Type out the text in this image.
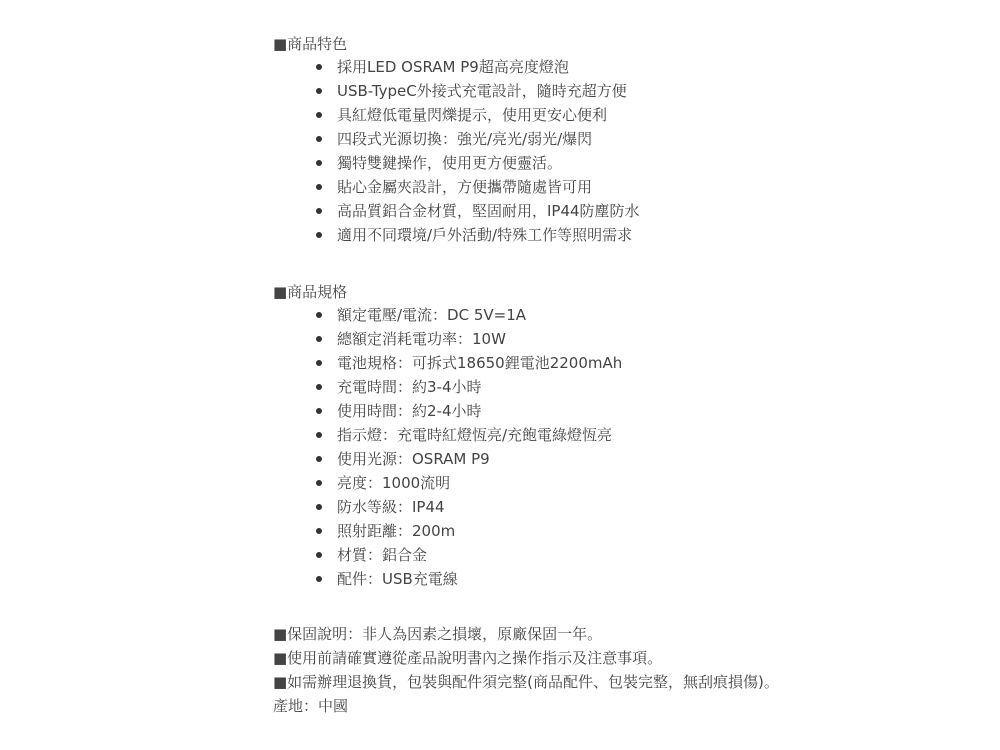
■商品特色
採用LED OSRAM P9超高亮度燈泡
USB-TypeC外接式充電設計，隨時充超方便
具紅燈低電量閃爍提示，使用更安心便利
四段式光源切換：強光/亮光/弱光/爆閃
獨特雙鍵操作，使用更方便靈活。
貼心金屬夾設計，方便攜帶隨處皆可用
高品質鋁合金材質，堅固耐用，IP44防塵防水
適用不同環境/戶外活動/特殊工作等照明需求
■商品規格
額定電壓/電流：DC 5V=1A
總額定消耗電功率：10W
電池規格：可拆式18650鋰電池2200mAh
充電時間：約3-4小時
使用時間：約2-4小時
指示燈：充電時紅燈恆亮/充飽電綠燈恆亮
使用光源：OSRAM P9
亮度：1000流明
防水等級：IP44
照射距離：200m
材質：鋁合金
配件：USB充電線
■保固說明：非人為因素之損壞，原廠保固一年。
■使用前請確實遵從產品說明書內之操作指示及注意事項。
■如需辦理退換貨，包裝與配件須完整(商品配件、包裝完整，無刮痕損傷)。
產地：中國
